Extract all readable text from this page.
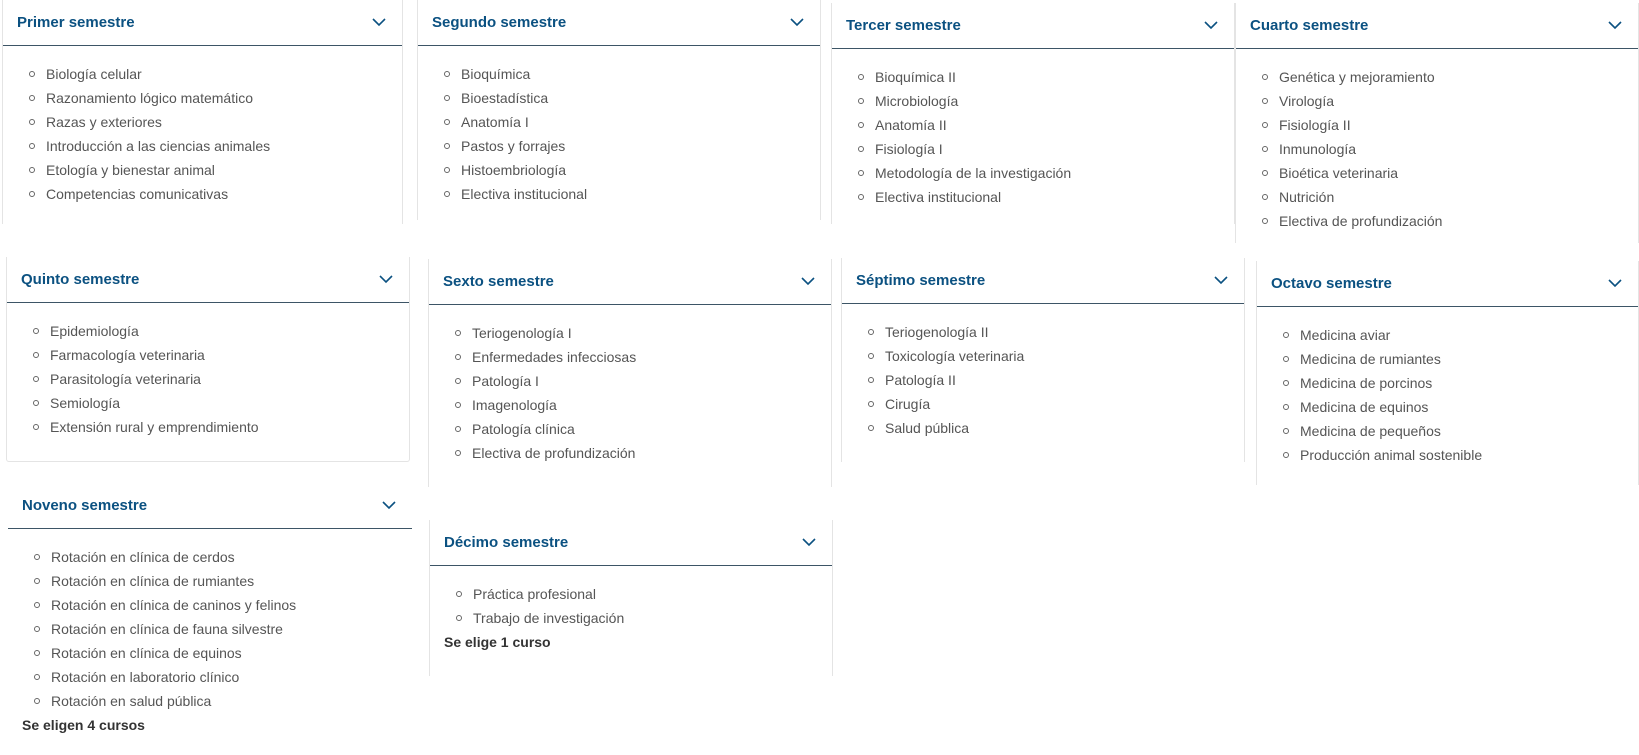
Primer semestre
Biología celular
Razonamiento lógico matemático
Razas y exteriores
Introducción a las ciencias animales
Etología y bienestar animal
Competencias comunicativas
Segundo semestre
Bioquímica
Bioestadística
Anatomía I
Pastos y forrajes
Histoembriología
Electiva institucional
Tercer semestre
Bioquímica II
Microbiología
Anatomía II
Fisiología I
Metodología de la investigación
Electiva institucional
Cuarto semestre
Genética y mejoramiento
Virología
Fisiología II
Inmunología
Bioética veterinaria
Nutrición
Electiva de profundización
Quinto semestre
Epidemiología
Farmacología veterinaria
Parasitología veterinaria
Semiología
Extensión rural y emprendimiento
Sexto semestre
Teriogenología I
Enfermedades infecciosas
Patología I
Imagenología
Patología clínica
Electiva de profundización
Séptimo semestre
Teriogenología II
Toxicología veterinaria
Patología II
Cirugía
Salud pública
Octavo semestre
Medicina aviar
Medicina de rumiantes
Medicina de porcinos
Medicina de equinos
Medicina de pequeños
Producción animal sostenible
Noveno semestre
Rotación en clínica de cerdos
Rotación en clínica de rumiantes
Rotación en clínica de caninos y felinos
Rotación en clínica de fauna silvestre
Rotación en clínica de equinos
Rotación en laboratorio clínico
Rotación en salud pública
Se eligen 4 cursos
Décimo semestre
Práctica profesional
Trabajo de investigación
Se elige 1 curso
